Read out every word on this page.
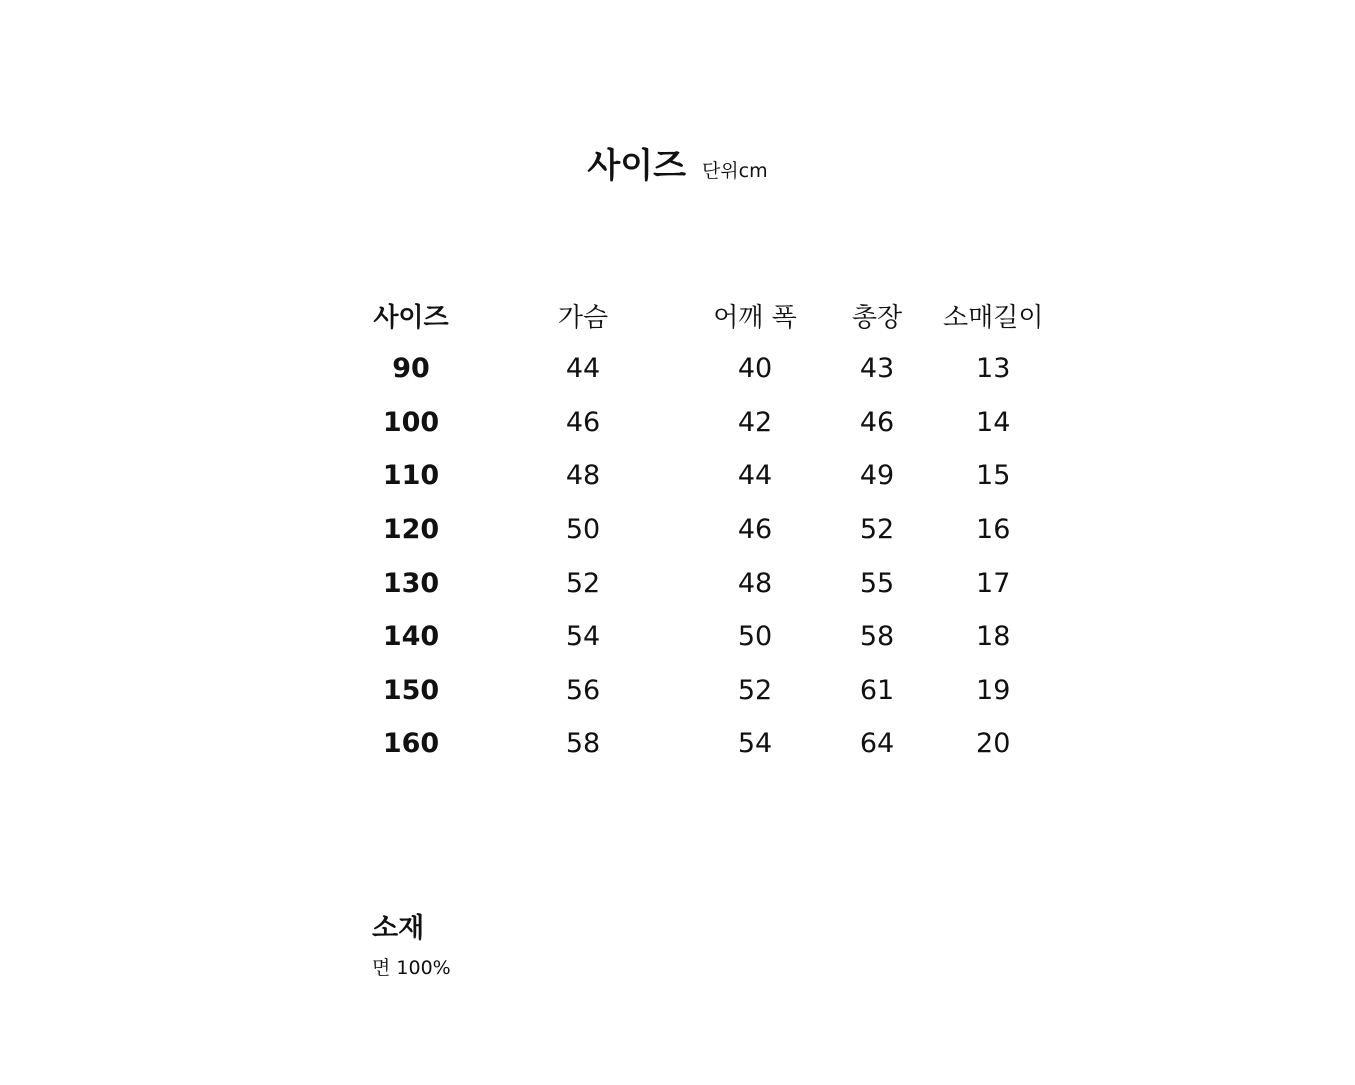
사이즈 단위cm
사이즈	가슴	어깨 폭	총장	소매길이
90	44	40	43	13
100	46	42	46	14
110	48	44	49	15
120	50	46	52	16
130	52	48	55	17
140	54	50	58	18
150	56	52	61	19
160	58	54	64	20
소재
면 100%
